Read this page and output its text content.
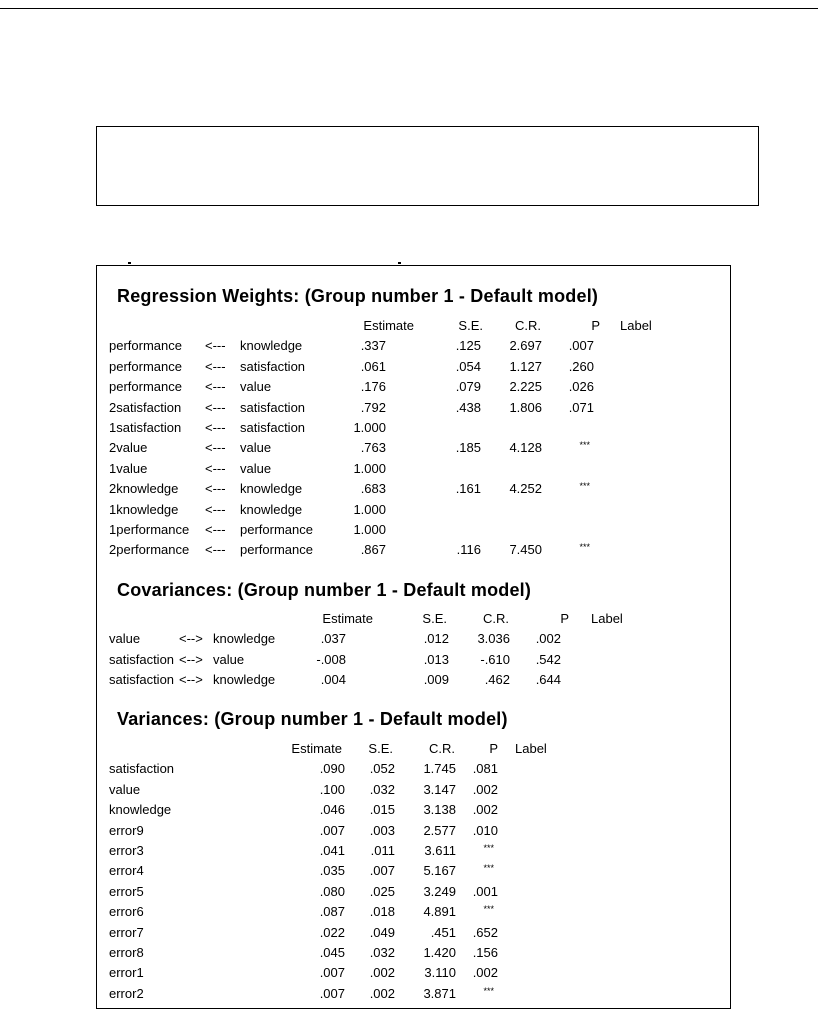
Regression Weights: (Group number 1 - Default model)
Estimate	S.E.	C.R.	P Label
performance <--- knowledge	.337	.125	2.697	.007
performance <--- satisfaction	.061	.054	1.127	.260
performance <--- value	.176	.079	2.225	.026
2satisfaction <--- satisfaction	.792	.438	1.806	.071
1satisfaction <--- satisfaction	1.000
2value	<--- value	.763	.185	4.128	***
1value	<--- value	1.000
2knowledge <--- knowledge	.683	.161	4.252	***
1knowledge <--- knowledge	1.000
1performance <--- performance	1.000
2performance <--- performance	.867	.116	7.450	***
Covariances: (Group number 1 - Default model)
Estimate	S.E.	C.R.	P Label
value	<--> knowledge	.037	.012	3.036	.002
satisfaction <--> value	-.008	.013	-.610	.542
satisfaction <--> knowledge	.004	.009	.462	.644
Variances: (Group number 1 - Default model)
Estimate	S.E.	C.R.	P Label
satisfaction	.090	.052	1.745	.081
value	.100	.032	3.147	.002
knowledge	.046	.015	3.138	.002
error9	.007	.003	2.577	.010
error3	.041	.011	3.611	***
error4	.035	.007	5.167	***
error5	.080	.025	3.249	.001
error6	.087	.018	4.891	***
error7	.022	.049	.451	.652
error8	.045	.032	1.420	.156
error1	.007	.002	3.110	.002
error2	.007	.002	3.871	***
